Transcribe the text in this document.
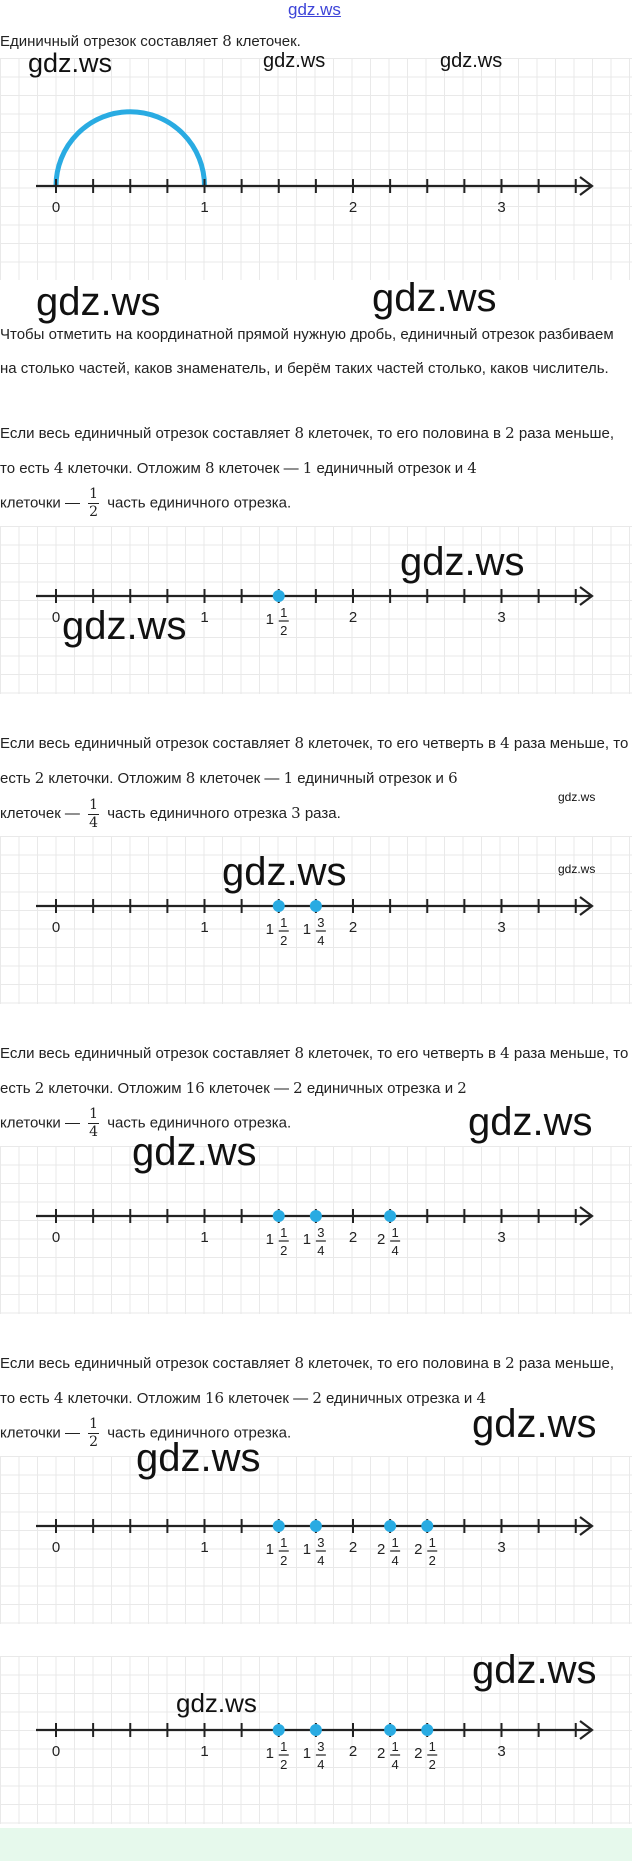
gdz.ws

Единичный отрезок составляет 8 клеточек.

0	1	2	3
gdz.ws	gdz.ws	gdz.ws
gdz.ws	gdz.ws

Чтобы отметить на координатной прямой нужную дробь, единичный отрезок разбиваем на столько частей, каков знаменатель, и берём таких частей столько, каков числитель.

Если весь единичный отрезок составляет 8 клеточек, то его половина в 2 раза меньше, то есть 4 клеточки. Отложим 8 клеточек — 1 единичный отрезок и 4
клеточки — $\frac{1}{2}$ часть единичного отрезка.

0	1	2	3
1 1
2
gdz.ws
gdz.ws

Если весь единичный отрезок составляет 8 клеточек, то его четверть в 4 раза меньше, то есть 2 клеточки. Отложим 8 клеточек — 1 единичный отрезок и 6
клеточек — $\frac{1}{4}$ часть единичного отрезка 3 раза.

0	1	2	3
1 1
2
1 3
4
gdz.ws
gdz.ws
gdz.ws

Если весь единичный отрезок составляет 8 клеточек, то его четверть в 4 раза меньше, то есть 2 клеточки. Отложим 16 клеточек — 2 единичных отрезка и 2
клеточки — $\frac{1}{4}$ часть единичного отрезка.

0	1	2	3
1 1
2
1 3
4
2 1
4
gdz.ws
gdz.ws

Если весь единичный отрезок составляет 8 клеточек, то его половина в 2 раза меньше, то есть 4 клеточки. Отложим 16 клеточек — 2 единичных отрезка и 4
клеточки — $\frac{1}{2}$ часть единичного отрезка.

0	1	2	3
1 1
2
1 3
4
2 1
4
2 1
2
gdz.ws
gdz.ws
0	1	2	3
1 1
2
1 3
4
2 1
4
2 1
2
gdz.ws
gdz.ws
